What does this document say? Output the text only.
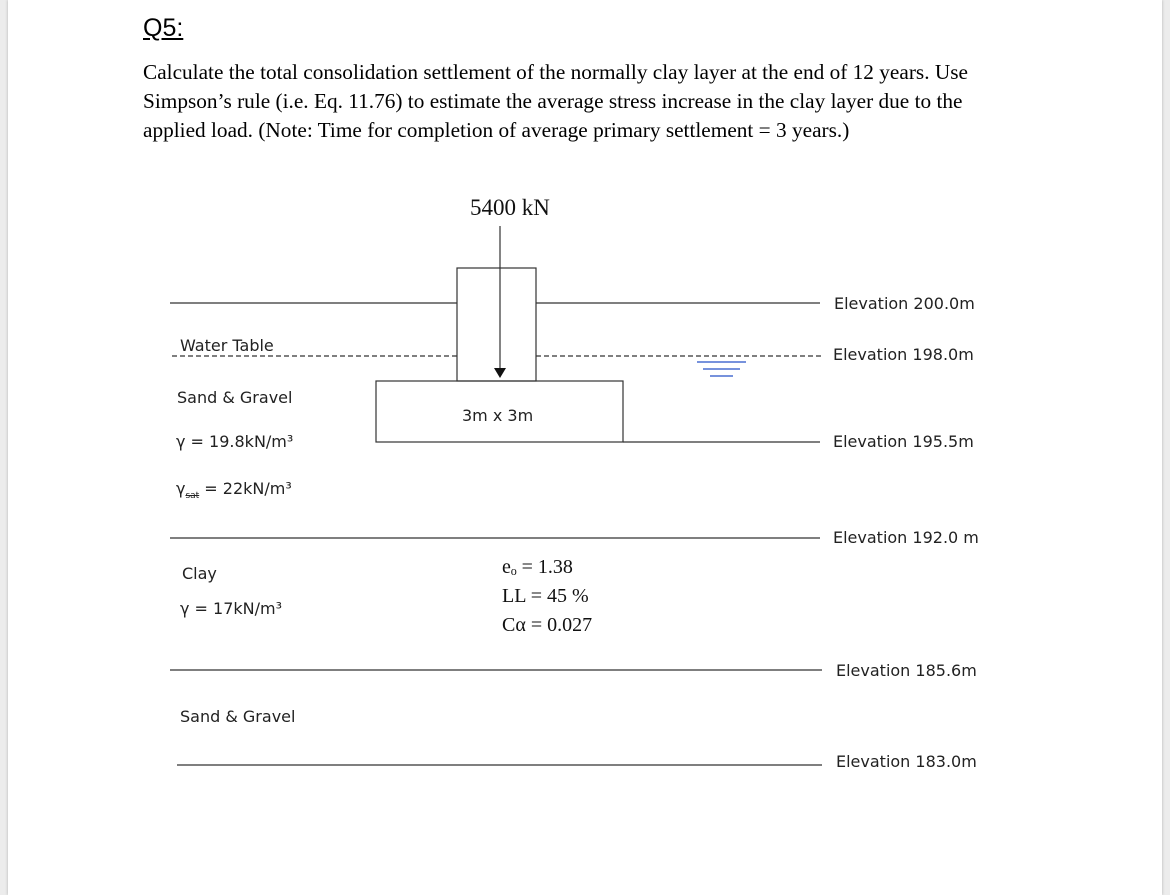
Q5:
Calculate the total consolidation settlement of the normally clay layer at the end of 12 years. Use
Simpson’s rule (i.e. Eq. 11.76) to estimate the average stress increase in the clay layer due to the
applied load. (Note: Time for completion of average primary settlement = 3 years.)
5400 kN
3m x 3m
Elevation 200.0m
Elevation 198.0m
Elevation 195.5m
Elevation 192.0 m
Elevation 185.6m
Elevation 183.0m
Water Table
Sand & Gravel
γ = 19.8kN/m³
$\gamma_{sat} = 22kN/m^3$
Clay
γ = 17kN/m³
eₒ = 1.38
LL = 45 %
Cα = 0.027
Sand & Gravel
